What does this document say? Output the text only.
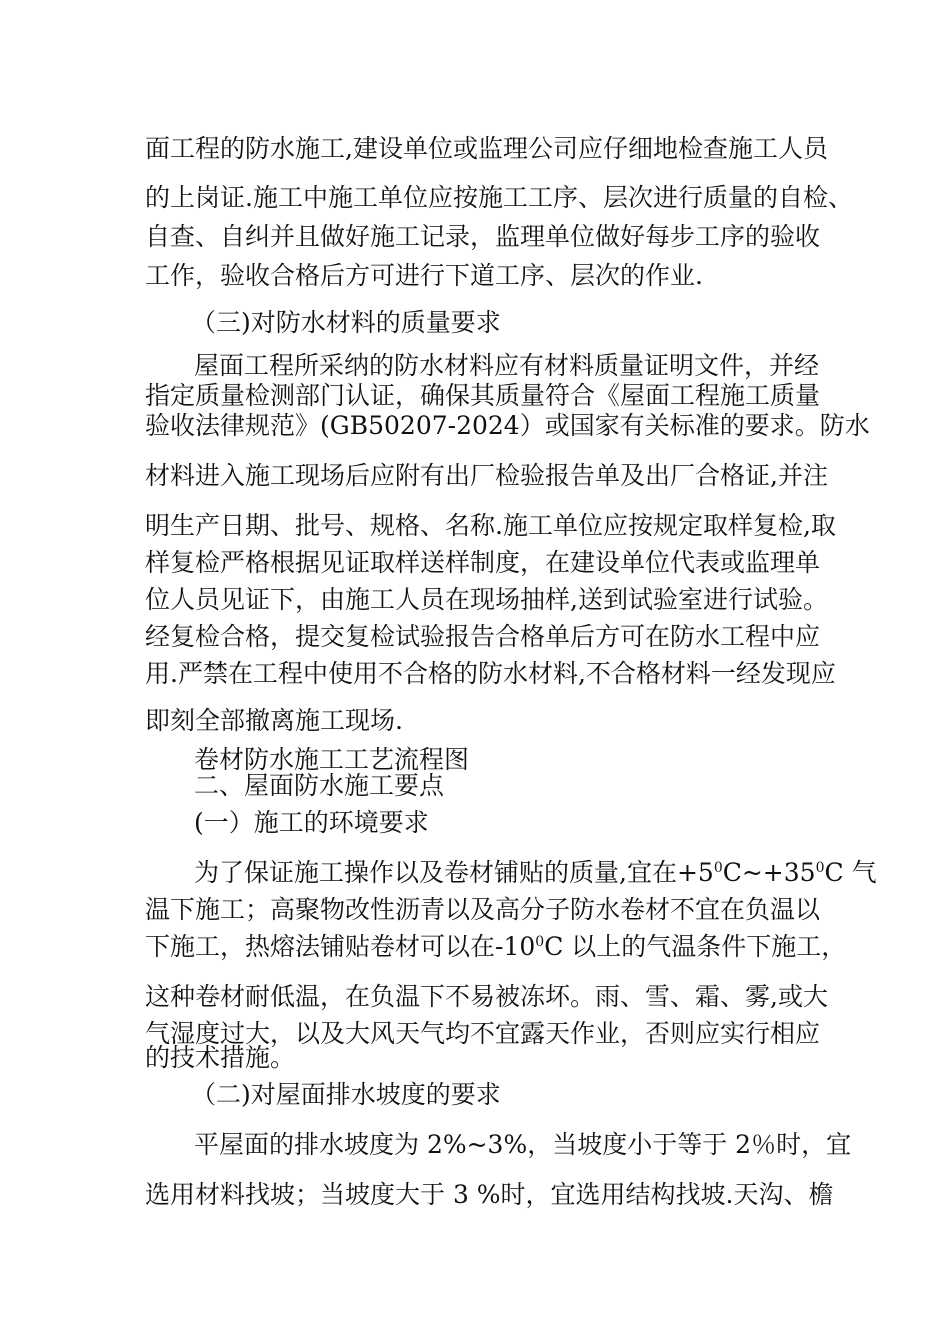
面工程的防水施工,建设单位或监理公司应仔细地检查施工人员
的上岗证.施工中施工单位应按施工工序、层次进行质量的自检、
自查、自纠并且做好施工记录，监理单位做好每步工序的验收
工作，验收合格后方可进行下道工序、层次的作业.
（三)对防水材料的质量要求
屋面工程所采纳的防水材料应有材料质量证明文件，并经
指定质量检测部门认证，确保其质量符合《屋面工程施工质量
验收法律规范》(GB50207-2024）或国家有关标准的要求。防水
材料进入施工现场后应附有出厂检验报告单及出厂合格证,并注
明生产日期、批号、规格、名称.施工单位应按规定取样复检,取
样复检严格根据见证取样送样制度，在建设单位代表或监理单
位人员见证下，由施工人员在现场抽样,送到试验室进行试验。
经复检合格，提交复检试验报告合格单后方可在防水工程中应
用.严禁在工程中使用不合格的防水材料,不合格材料一经发现应
即刻全部撤离施工现场.
卷材防水施工工艺流程图
二、屋面防水施工要点
(一）施工的环境要求
为了保证施工操作以及卷材铺贴的质量,宜在$+5^0C\sim+35^0C$ 气
温下施工；高聚物改性沥青以及高分子防水卷材不宜在负温以
下施工，热熔法铺贴卷材可以在$-10^0C$ 以上的气温条件下施工，
这种卷材耐低温，在负温下不易被冻坏。雨、雪、霜、雾,或大
气湿度过大，以及大风天气均不宜露天作业，否则应实行相应
的技术措施。
（二)对屋面排水坡度的要求
平屋面的排水坡度为 2%~3%，当坡度小于等于 2％时，宜
选用材料找坡；当坡度大于 3 %时，宜选用结构找坡.天沟、檐
